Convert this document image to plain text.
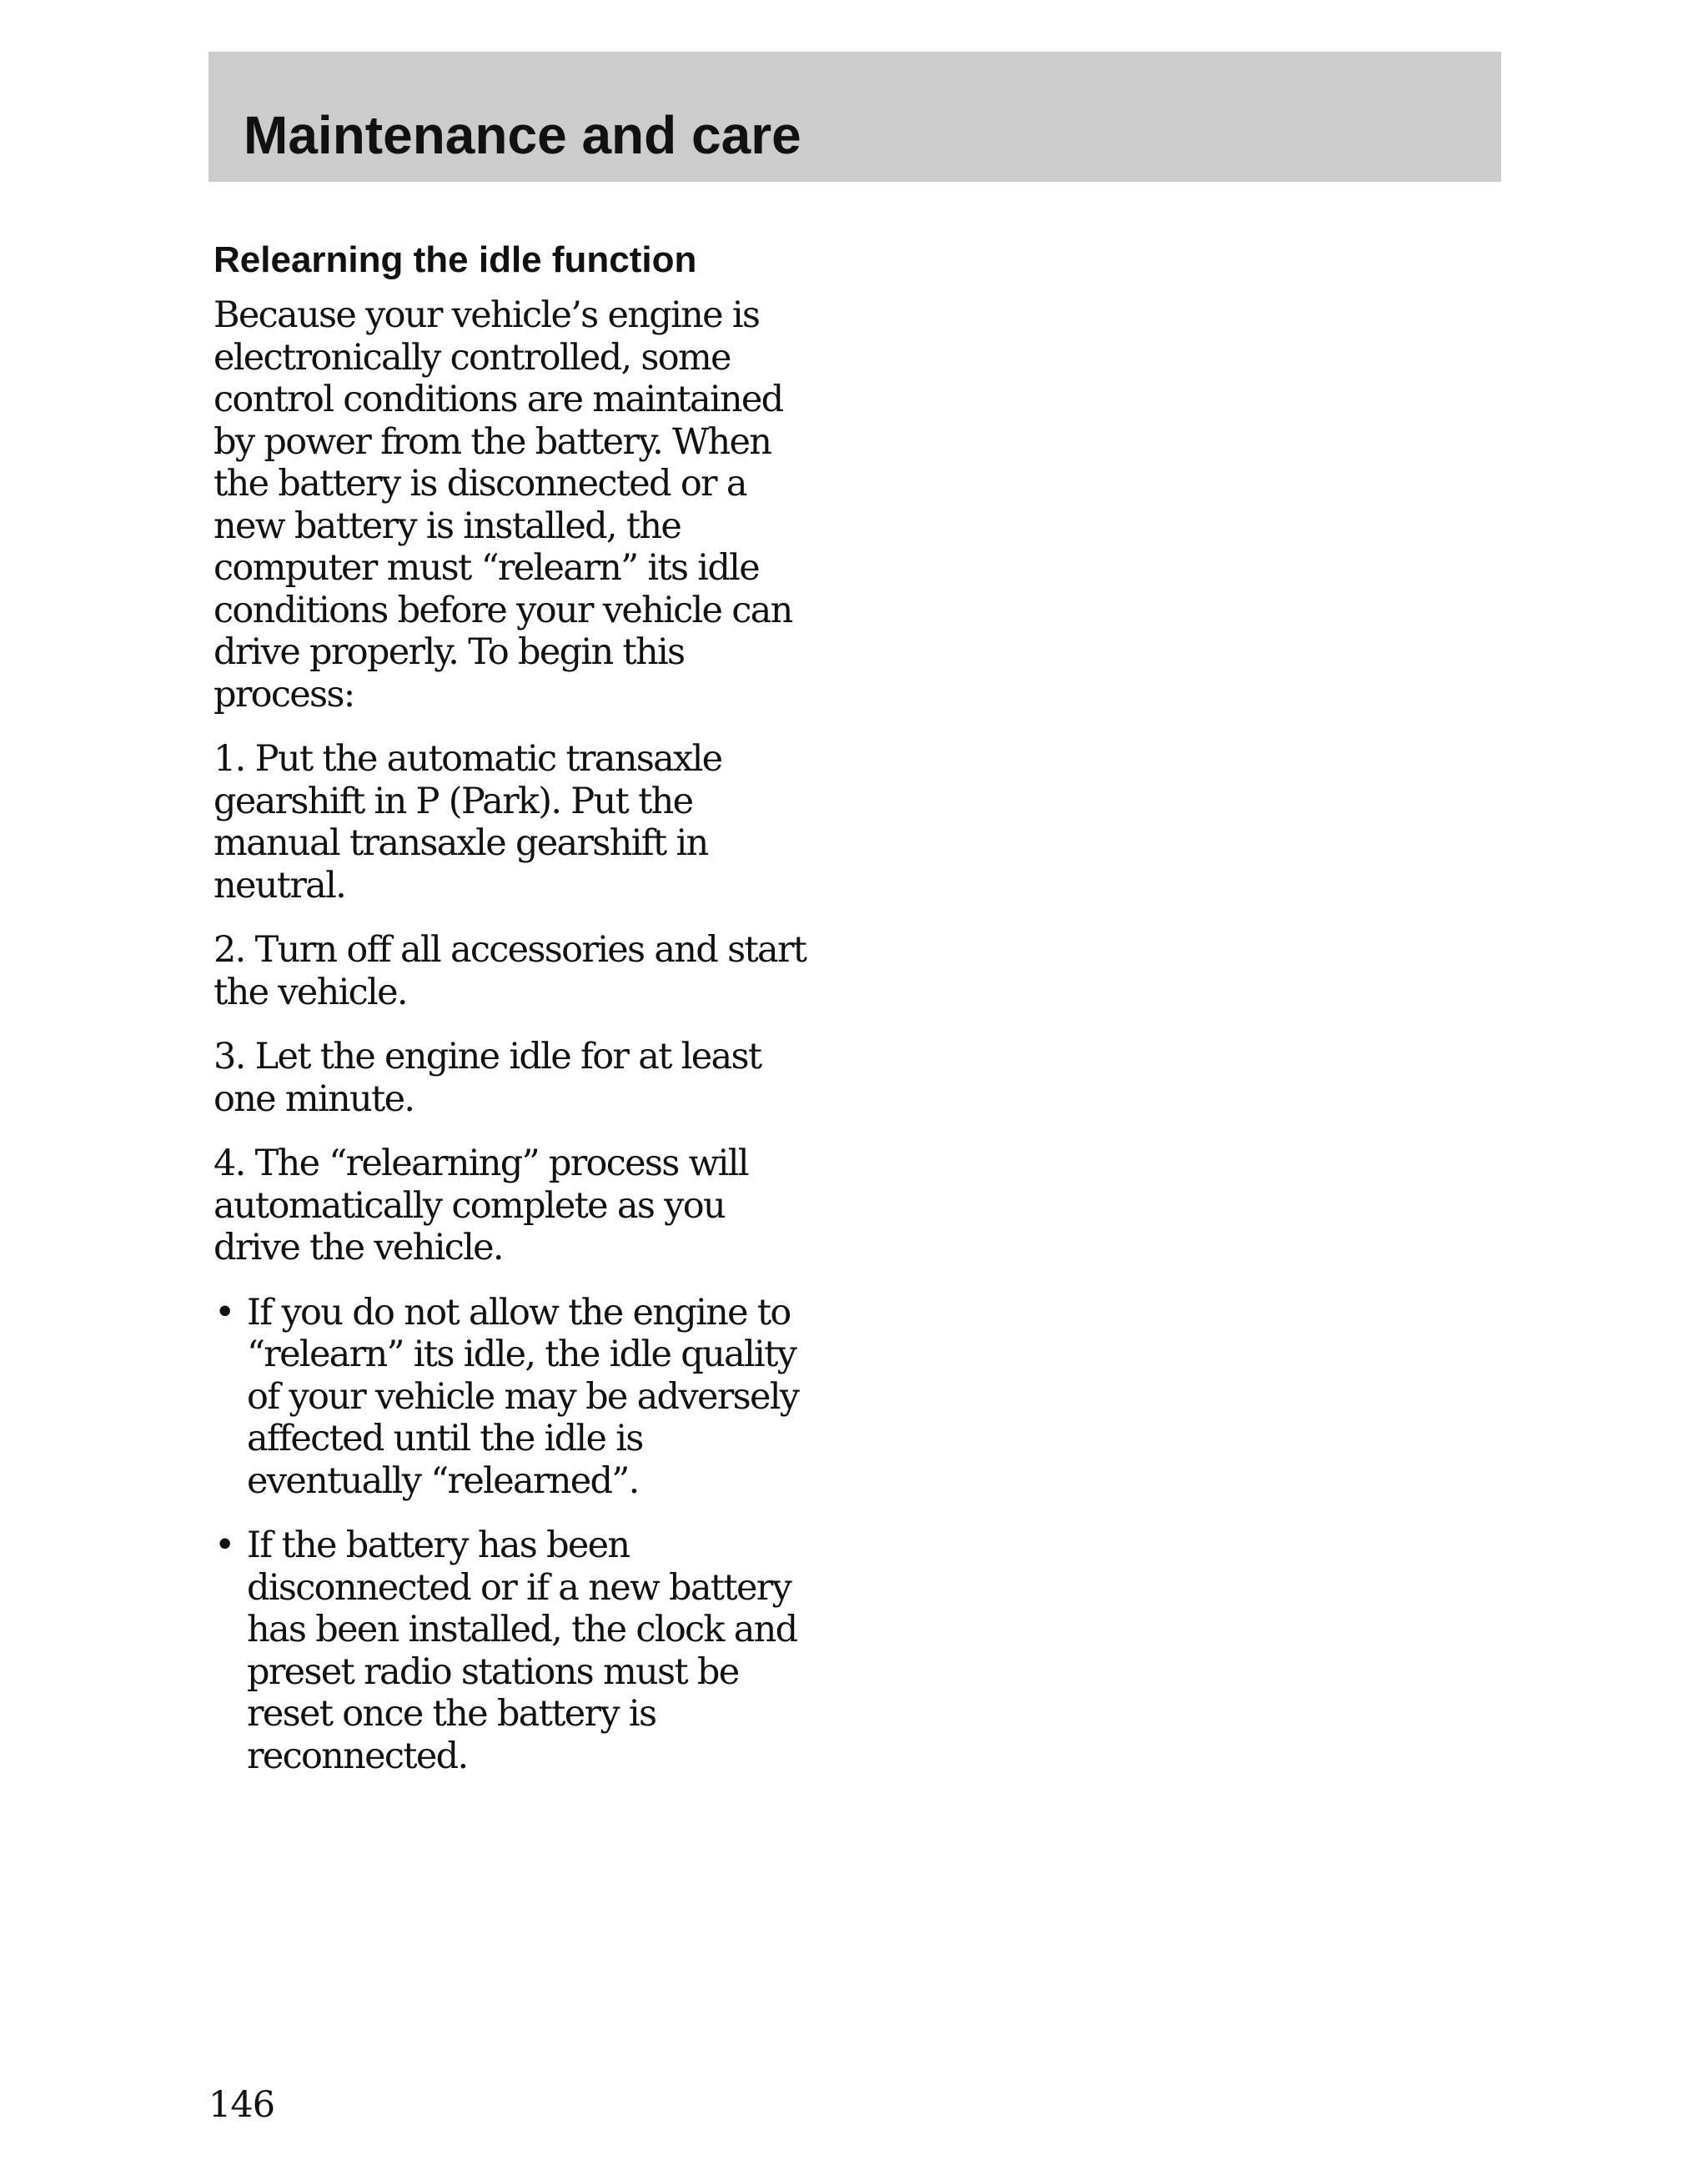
Maintenance and care
Relearning the idle function

Because your vehicle’s engine is
electronically controlled, some
control conditions are maintained
by power from the battery. When
the battery is disconnected or a
new battery is installed, the
computer must “relearn” its idle
conditions before your vehicle can
drive properly. To begin this
process:

1. Put the automatic transaxle
gearshift in P (Park). Put the
manual transaxle gearshift in
neutral.

2. Turn off all accessories and start
the vehicle.

3. Let the engine idle for at least
one minute.

4. The “relearning” process will
automatically complete as you
drive the vehicle.

• If you do not allow the engine to
“relearn” its idle, the idle quality
of your vehicle may be adversely
affected until the idle is
eventually “relearned”.
• If the battery has been
disconnected or if a new battery
has been installed, the clock and
preset radio stations must be
reset once the battery is
reconnected.

146
